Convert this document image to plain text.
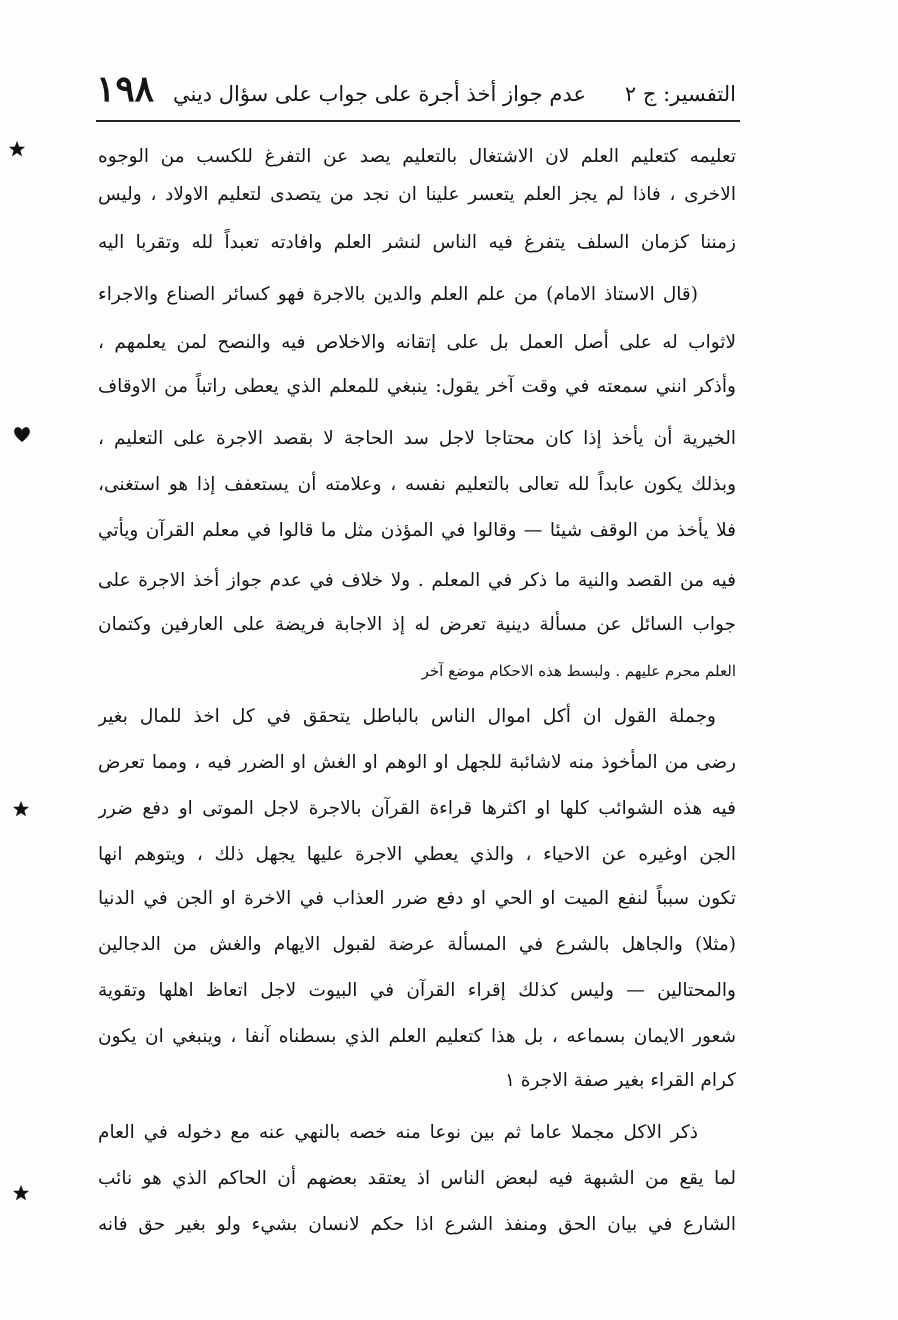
التفسير: ج ٢
عدم جواز أخذ أجرة على جواب على سؤال ديني
١٩٨
تعليمه كتعليم العلم لان الاشتغال بالتعليم يصد عن التفرغ للكسب من الوجوه
الاخرى ، فاذا لم يجز العلم يتعسر علينا ان نجد من يتصدى لتعليم الاولاد ، وليس
زمننا كزمان السلف يتفرغ فيه الناس لنشر العلم وافادته تعبداً لله وتقربا اليه
(قال الاستاذ الامام) من علم العلم والدين بالاجرة فهو كسائر الصناع والاجراء
لاثواب له على أصل العمل بل على إتقانه والاخلاص فيه والنصح لمن يعلمهم ،
وأذكر انني سمعته في وقت آخر يقول: ينبغي للمعلم الذي يعطى راتباً من الاوقاف
الخيرية أن يأخذ إذا كان محتاجا لاجل سد الحاجة لا بقصد الاجرة على التعليم ،
وبذلك يكون عابداً لله تعالى بالتعليم نفسه ، وعلامته أن يستعفف إذا هو استغنى،
فلا يأخذ من الوقف شيئا — وقالوا في المؤذن مثل ما قالوا في معلم القرآن ويأتي
فيه من القصد والنية ما ذكر في المعلم . ولا خلاف في عدم جواز أخذ الاجرة على
جواب السائل عن مسألة دينية تعرض له إذ الاجابة فريضة على العارفين وكتمان
العلم محرم عليهم . ولبسط هذه الاحكام موضع آخر
وجملة القول ان أكل اموال الناس بالباطل يتحقق في كل اخذ للمال بغير
رضى من المأخوذ منه لاشائبة للجهل او الوهم او الغش او الضرر فيه ، ومما تعرض
فيه هذه الشوائب كلها او اكثرها قراءة القرآن بالاجرة لاجل الموتى او دفع ضرر
الجن اوغيره عن الاحياء ، والذي يعطي الاجرة عليها يجهل ذلك ، ويتوهم انها
تكون سبباً لنفع الميت او الحي او دفع ضرر العذاب في الاخرة او الجن في الدنيا
(مثلا) والجاهل بالشرع في المسألة عرضة لقبول الايهام والغش من الدجالين
والمحتالين — وليس كذلك إقراء القرآن في البيوت لاجل اتعاظ اهلها وتقوية
شعور الايمان بسماعه ، بل هذا كتعليم العلم الذي بسطناه آنفا ، وينبغي ان يكون
كرام القراء بغير صفة الاجرة ١
ذكر الاكل مجملا عاما ثم بين نوعا منه خصه بالنهي عنه مع دخوله في العام
لما يقع من الشبهة فيه لبعض الناس اذ يعتقد بعضهم أن الحاكم الذي هو نائب
الشارع في بيان الحق ومنفذ الشرع اذا حكم لانسان بشيء ولو بغير حق فانه
